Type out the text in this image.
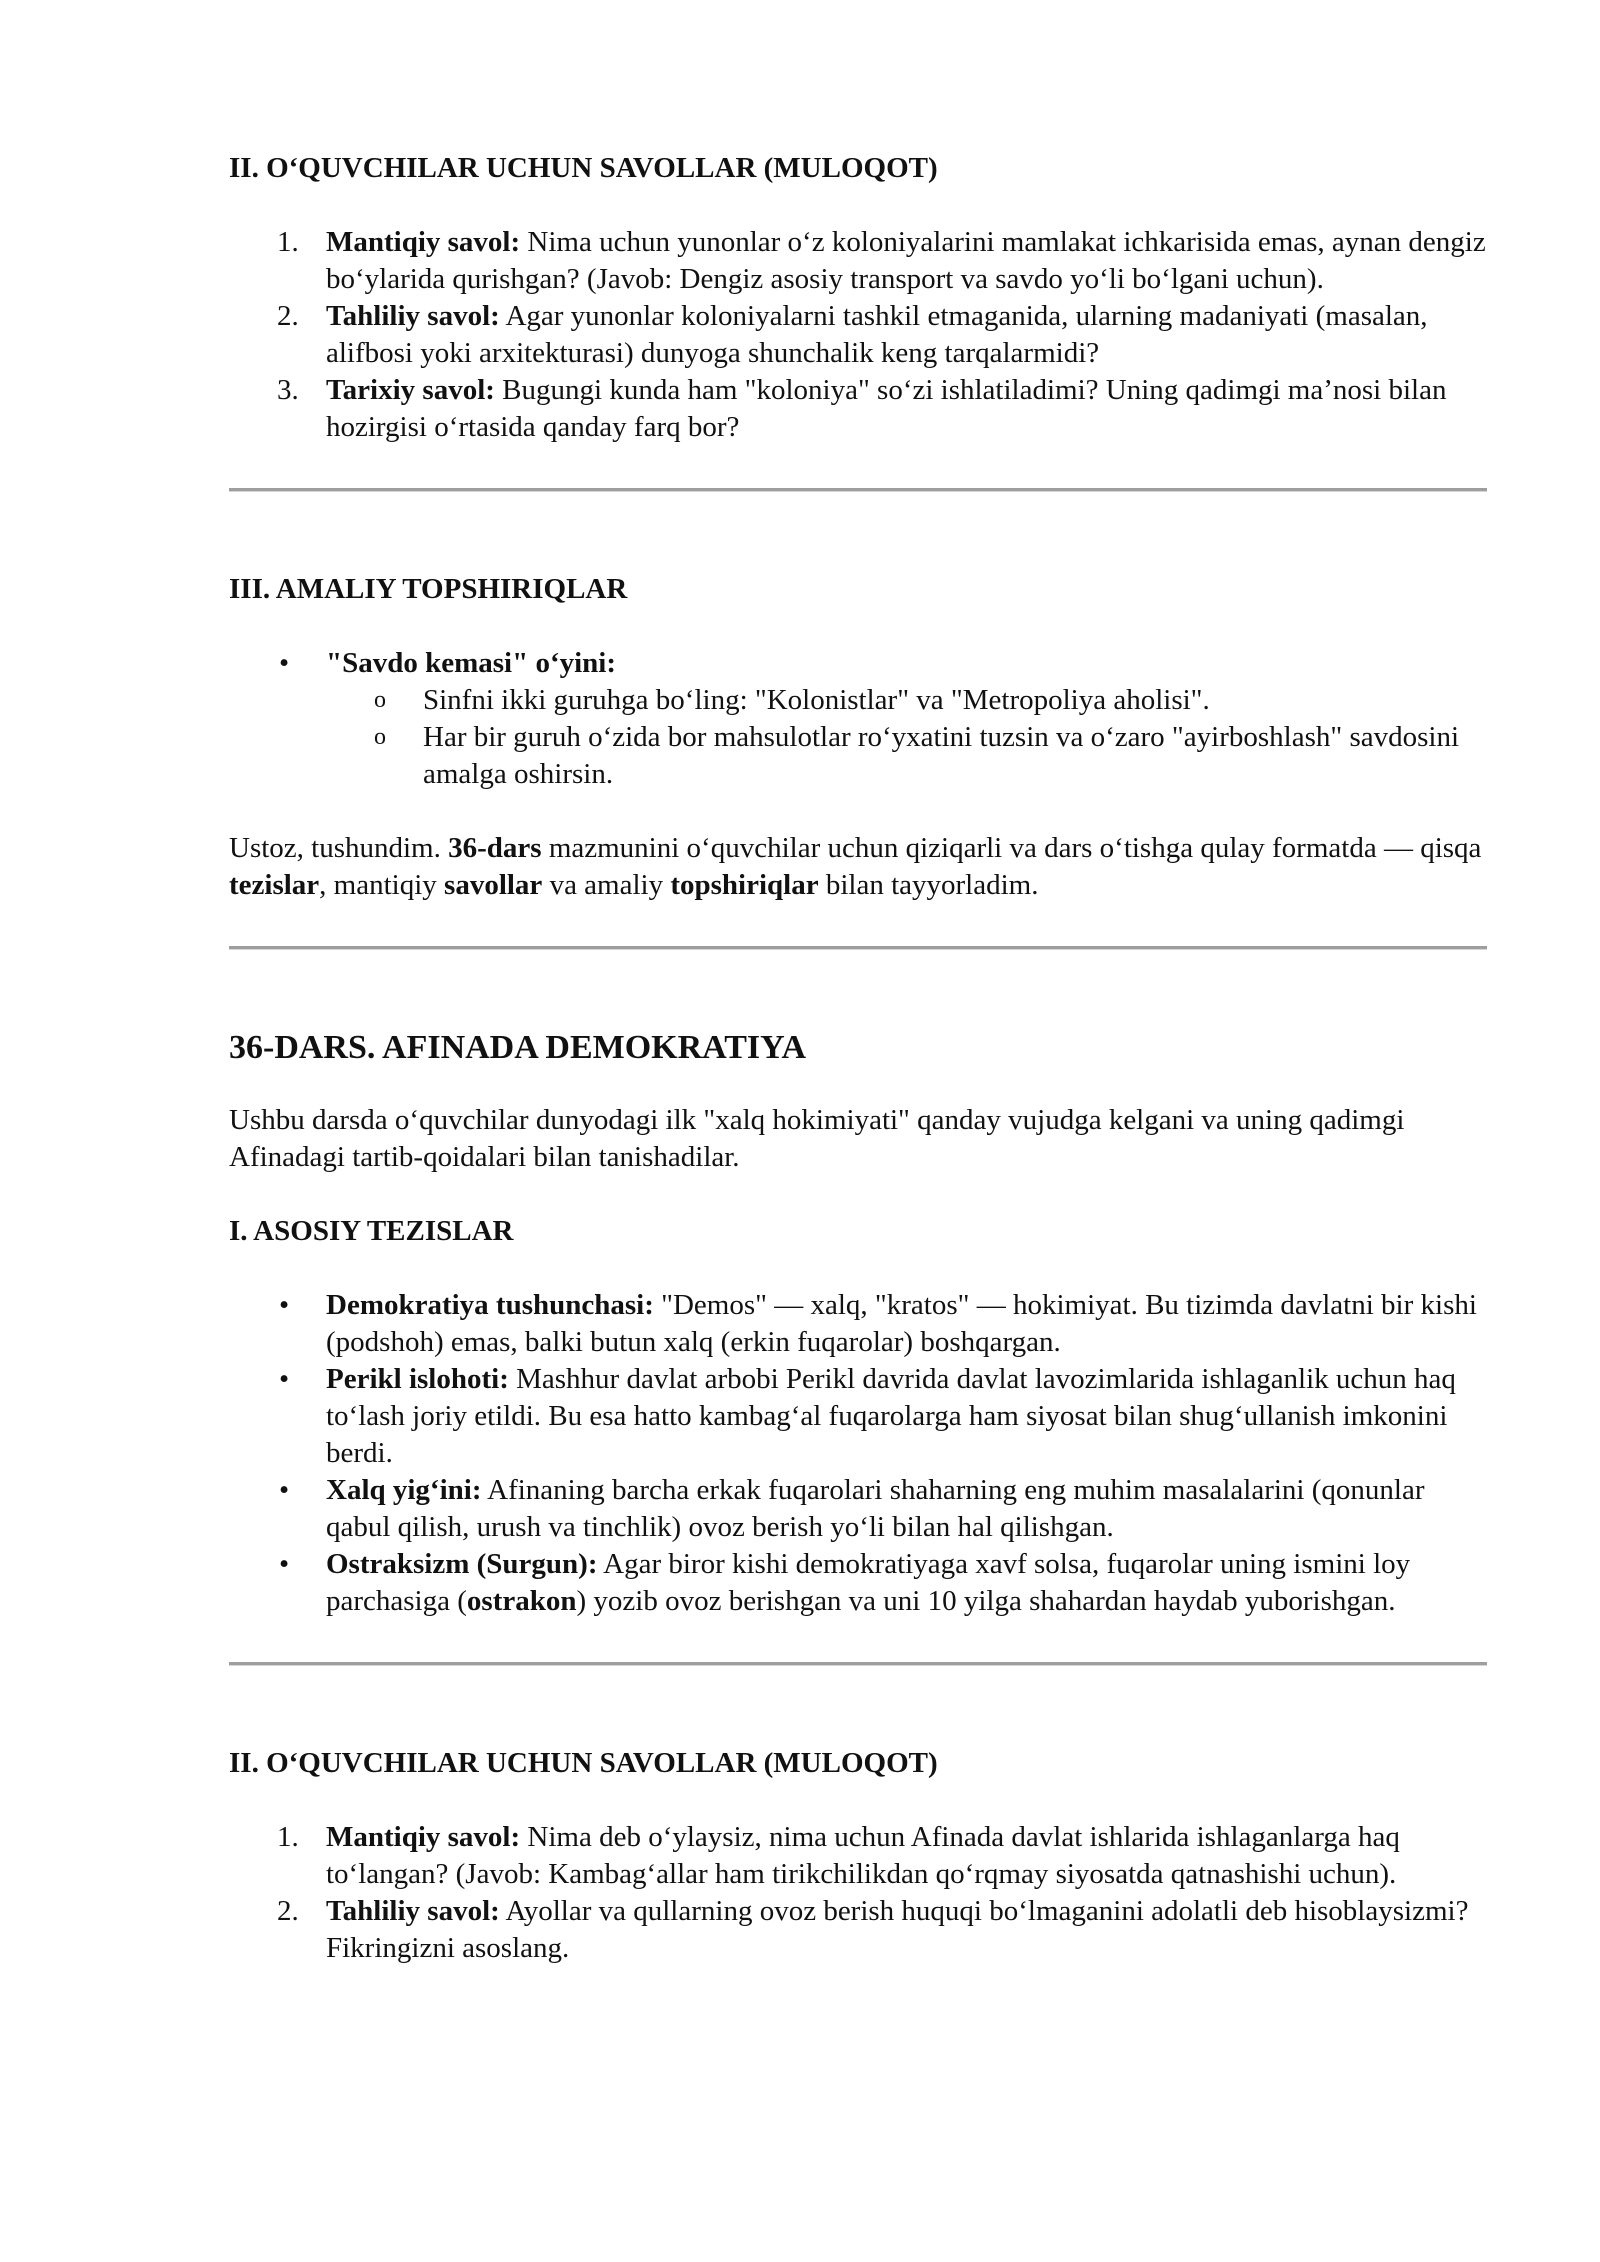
II. O‘QUVCHILAR UCHUN SAVOLLAR (MULOQOT)
1. Mantiqiy savol: Nima uchun yunonlar o‘z koloniyalarini mamlakat ichkarisida emas, aynan dengiz bo‘ylarida qurishgan? (Javob: Dengiz asosiy transport va savdo yo‘li bo‘lgani uchun).
2. Tahliliy savol: Agar yunonlar koloniyalarni tashkil etmaganida, ularning madaniyati (masalan, alifbosi yoki arxitekturasi) dunyoga shunchalik keng tarqalarmidi?
3. Tarixiy savol: Bugungi kunda ham "koloniya" so‘zi ishlatiladimi? Uning qadimgi ma’nosi bilan hozirgisi o‘rtasida qanday farq bor?
III. AMALIY TOPSHIRIQLAR
• "Savdo kemasi" o‘yini:
o Sinfni ikki guruhga bo‘ling: "Kolonistlar" va "Metropoliya aholisi".
o Har bir guruh o‘zida bor mahsulotlar ro‘yxatini tuzsin va o‘zaro "ayirboshlash" savdosini amalga oshirsin.

Ustoz, tushundim. 36-dars mazmunini o‘quvchilar uchun qiziqarli va dars o‘tishga qulay formatda — qisqa tezislar, mantiqiy savollar va amaliy topshiriqlar bilan tayyorladim.

36-DARS. AFINADA DEMOKRATIYA

Ushbu darsda o‘quvchilar dunyodagi ilk "xalq hokimiyati" qanday vujudga kelgani va uning qadimgi Afinadagi tartib-qoidalari bilan tanishadilar.

I. ASOSIY TEZISLAR
• Demokratiya tushunchasi: "Demos" — xalq, "kratos" — hokimiyat. Bu tizimda davlatni bir kishi (podshoh) emas, balki butun xalq (erkin fuqarolar) boshqargan.
• Perikl islohoti: Mashhur davlat arbobi Perikl davrida davlat lavozimlarida ishlaganlik uchun haq to‘lash joriy etildi. Bu esa hatto kambag‘al fuqarolarga ham siyosat bilan shug‘ullanish imkonini berdi.
• Xalq yig‘ini: Afinaning barcha erkak fuqarolari shaharning eng muhim masalalarini (qonunlar qabul qilish, urush va tinchlik) ovoz berish yo‘li bilan hal qilishgan.
• Ostraksizm (Surgun): Agar biror kishi demokratiyaga xavf solsa, fuqarolar uning ismini loy parchasiga (ostrakon) yozib ovoz berishgan va uni 10 yilga shahardan haydab yuborishgan.
II. O‘QUVCHILAR UCHUN SAVOLLAR (MULOQOT)
1. Mantiqiy savol: Nima deb o‘ylaysiz, nima uchun Afinada davlat ishlarida ishlaganlarga haq to‘langan? (Javob: Kambag‘allar ham tirikchilikdan qo‘rqmay siyosatda qatnashishi uchun).
2. Tahliliy savol: Ayollar va qullarning ovoz berish huquqi bo‘lmaganini adolatli deb hisoblaysizmi? Fikringizni asoslang.
